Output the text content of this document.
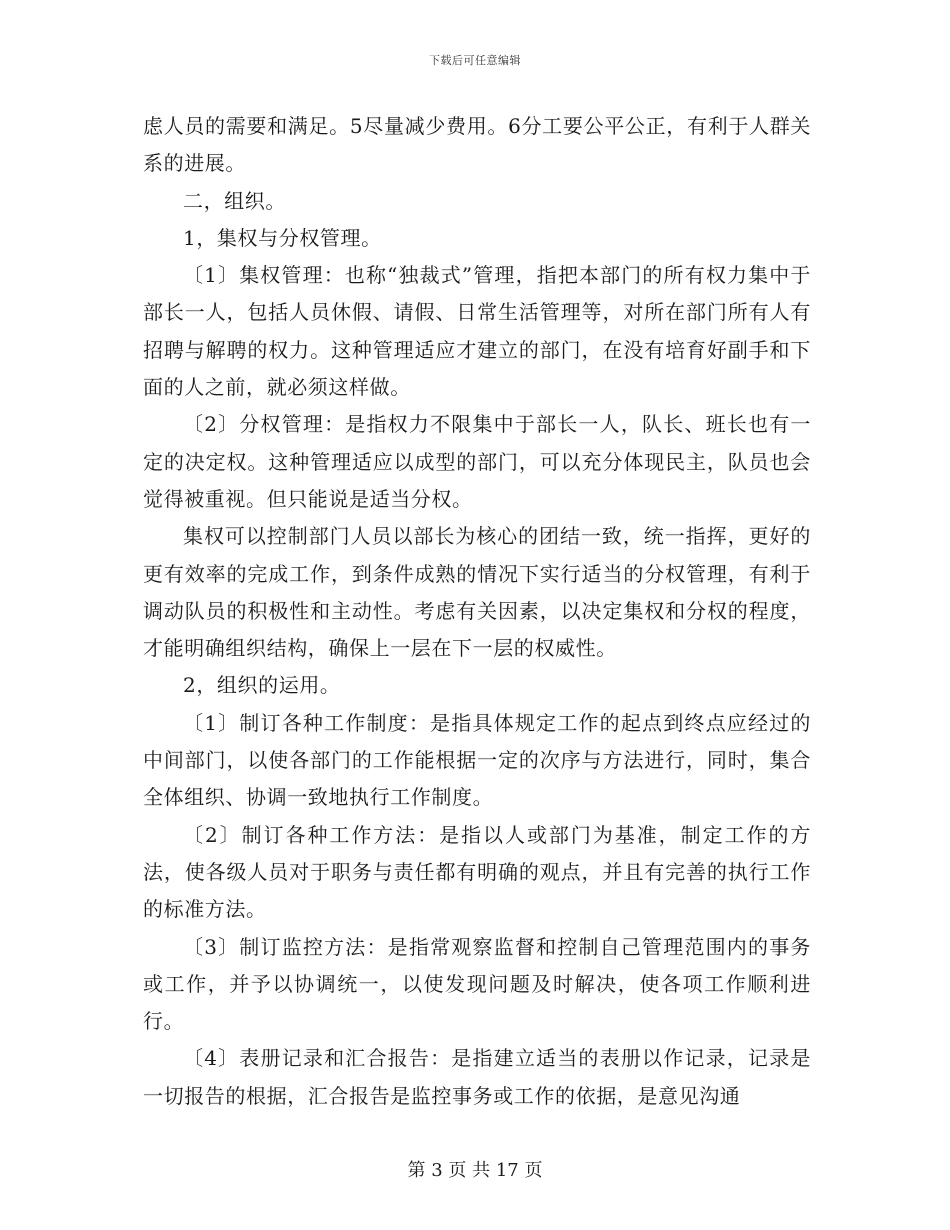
下载后可任意编辑

虑人员的需要和满足。5尽量减少费用。6分工要公平公正，有利于人群关系的进展。

二，组织。

1，集权与分权管理。

〔1〕集权管理：也称“独裁式”管理，指把本部门的所有权力集中于部长一人，包括人员休假、请假、日常生活管理等，对所在部门所有人有招聘与解聘的权力。这种管理适应才建立的部门，在没有培育好副手和下面的人之前，就必须这样做。

〔2〕分权管理：是指权力不限集中于部长一人，队长、班长也有一定的决定权。这种管理适应以成型的部门，可以充分体现民主，队员也会觉得被重视。但只能说是适当分权。

集权可以控制部门人员以部长为核心的团结一致，统一指挥，更好的更有效率的完成工作，到条件成熟的情况下实行适当的分权管理，有利于调动队员的积极性和主动性。考虑有关因素，以决定集权和分权的程度，才能明确组织结构，确保上一层在下一层的权威性。

2，组织的运用。

〔1〕制订各种工作制度：是指具体规定工作的起点到终点应经过的中间部门，以使各部门的工作能根据一定的次序与方法进行，同时，集合全体组织、协调一致地执行工作制度。

〔2〕制订各种工作方法：是指以人或部门为基准，制定工作的方法，使各级人员对于职务与责任都有明确的观点，并且有完善的执行工作的标准方法。

〔3〕制订监控方法：是指常观察监督和控制自己管理范围内的事务或工作，并予以协调统一，以使发现问题及时解决，使各项工作顺利进行。

〔4〕表册记录和汇合报告：是指建立适当的表册以作记录，记录是一切报告的根据，汇合报告是监控事务或工作的依据，是意见沟通

第 3 页 共 17 页
